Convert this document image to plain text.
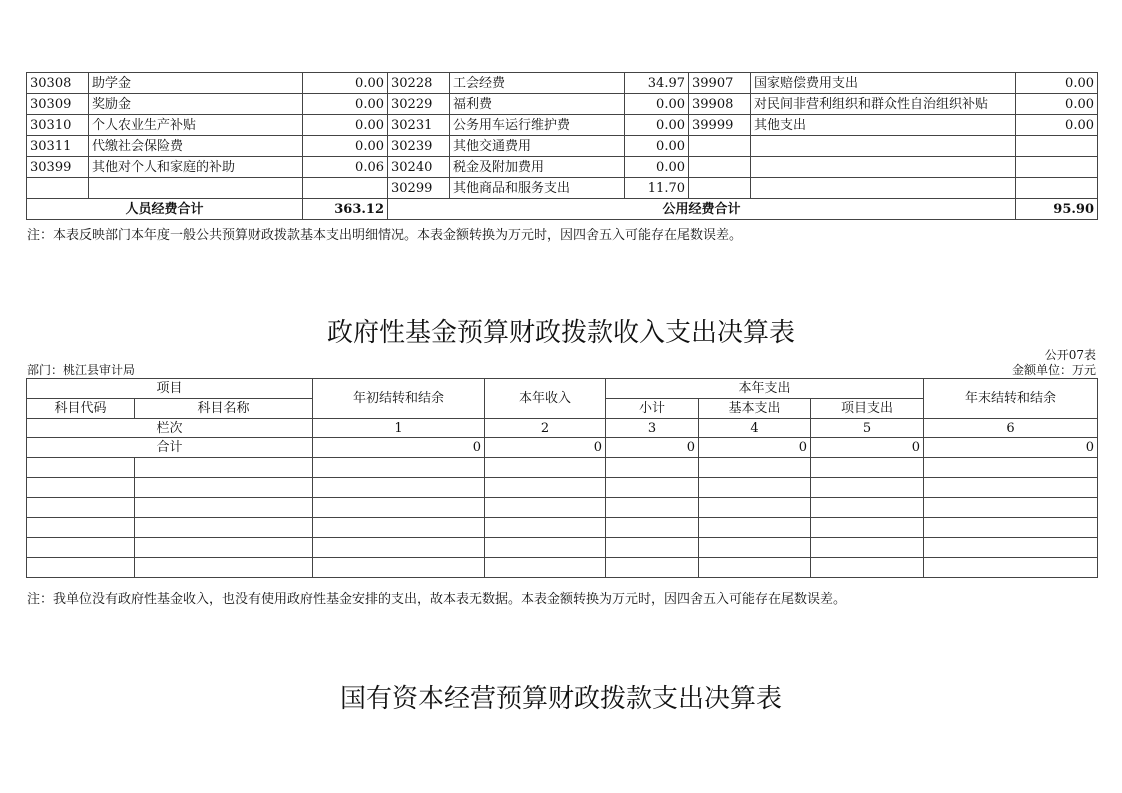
30308	助学金	0.00	30228	工会经费	34.97	39907	国家赔偿费用支出	0.00
30309	奖励金	0.00	30229	福利费	0.00	39908	对民间非营利组织和群众性自治组织补贴	0.00
30310	个人农业生产补贴	0.00	30231	公务用车运行维护费	0.00	39999	其他支出	0.00
30311	代缴社会保险费	0.00	30239	其他交通费用	0.00			
30399	其他对个人和家庭的补助	0.06	30240	税金及附加费用	0.00			
			30299	其他商品和服务支出	11.70			
人员经费合计		363.12	公用经费合计					95.90
注：本表反映部门本年度一般公共预算财政拨款基本支出明细情况。本表金额转换为万元时，因四舍五入可能存在尾数误差。
政府性基金预算财政拨款收入支出决算表
公开07表
部门：桃江县审计局	金额单位：万元
项目		年初结转和结余	本年收入	本年支出			年末结转和结余
科目代码	科目名称			小计	基本支出	项目支出	
栏次		1	2	3	4	5	6
合计		0	0	0	0	0	0

注：我单位没有政府性基金收入，也没有使用政府性基金安排的支出，故本表无数据。本表金额转换为万元时，因四舍五入可能存在尾数误差。
国有资本经营预算财政拨款支出决算表
